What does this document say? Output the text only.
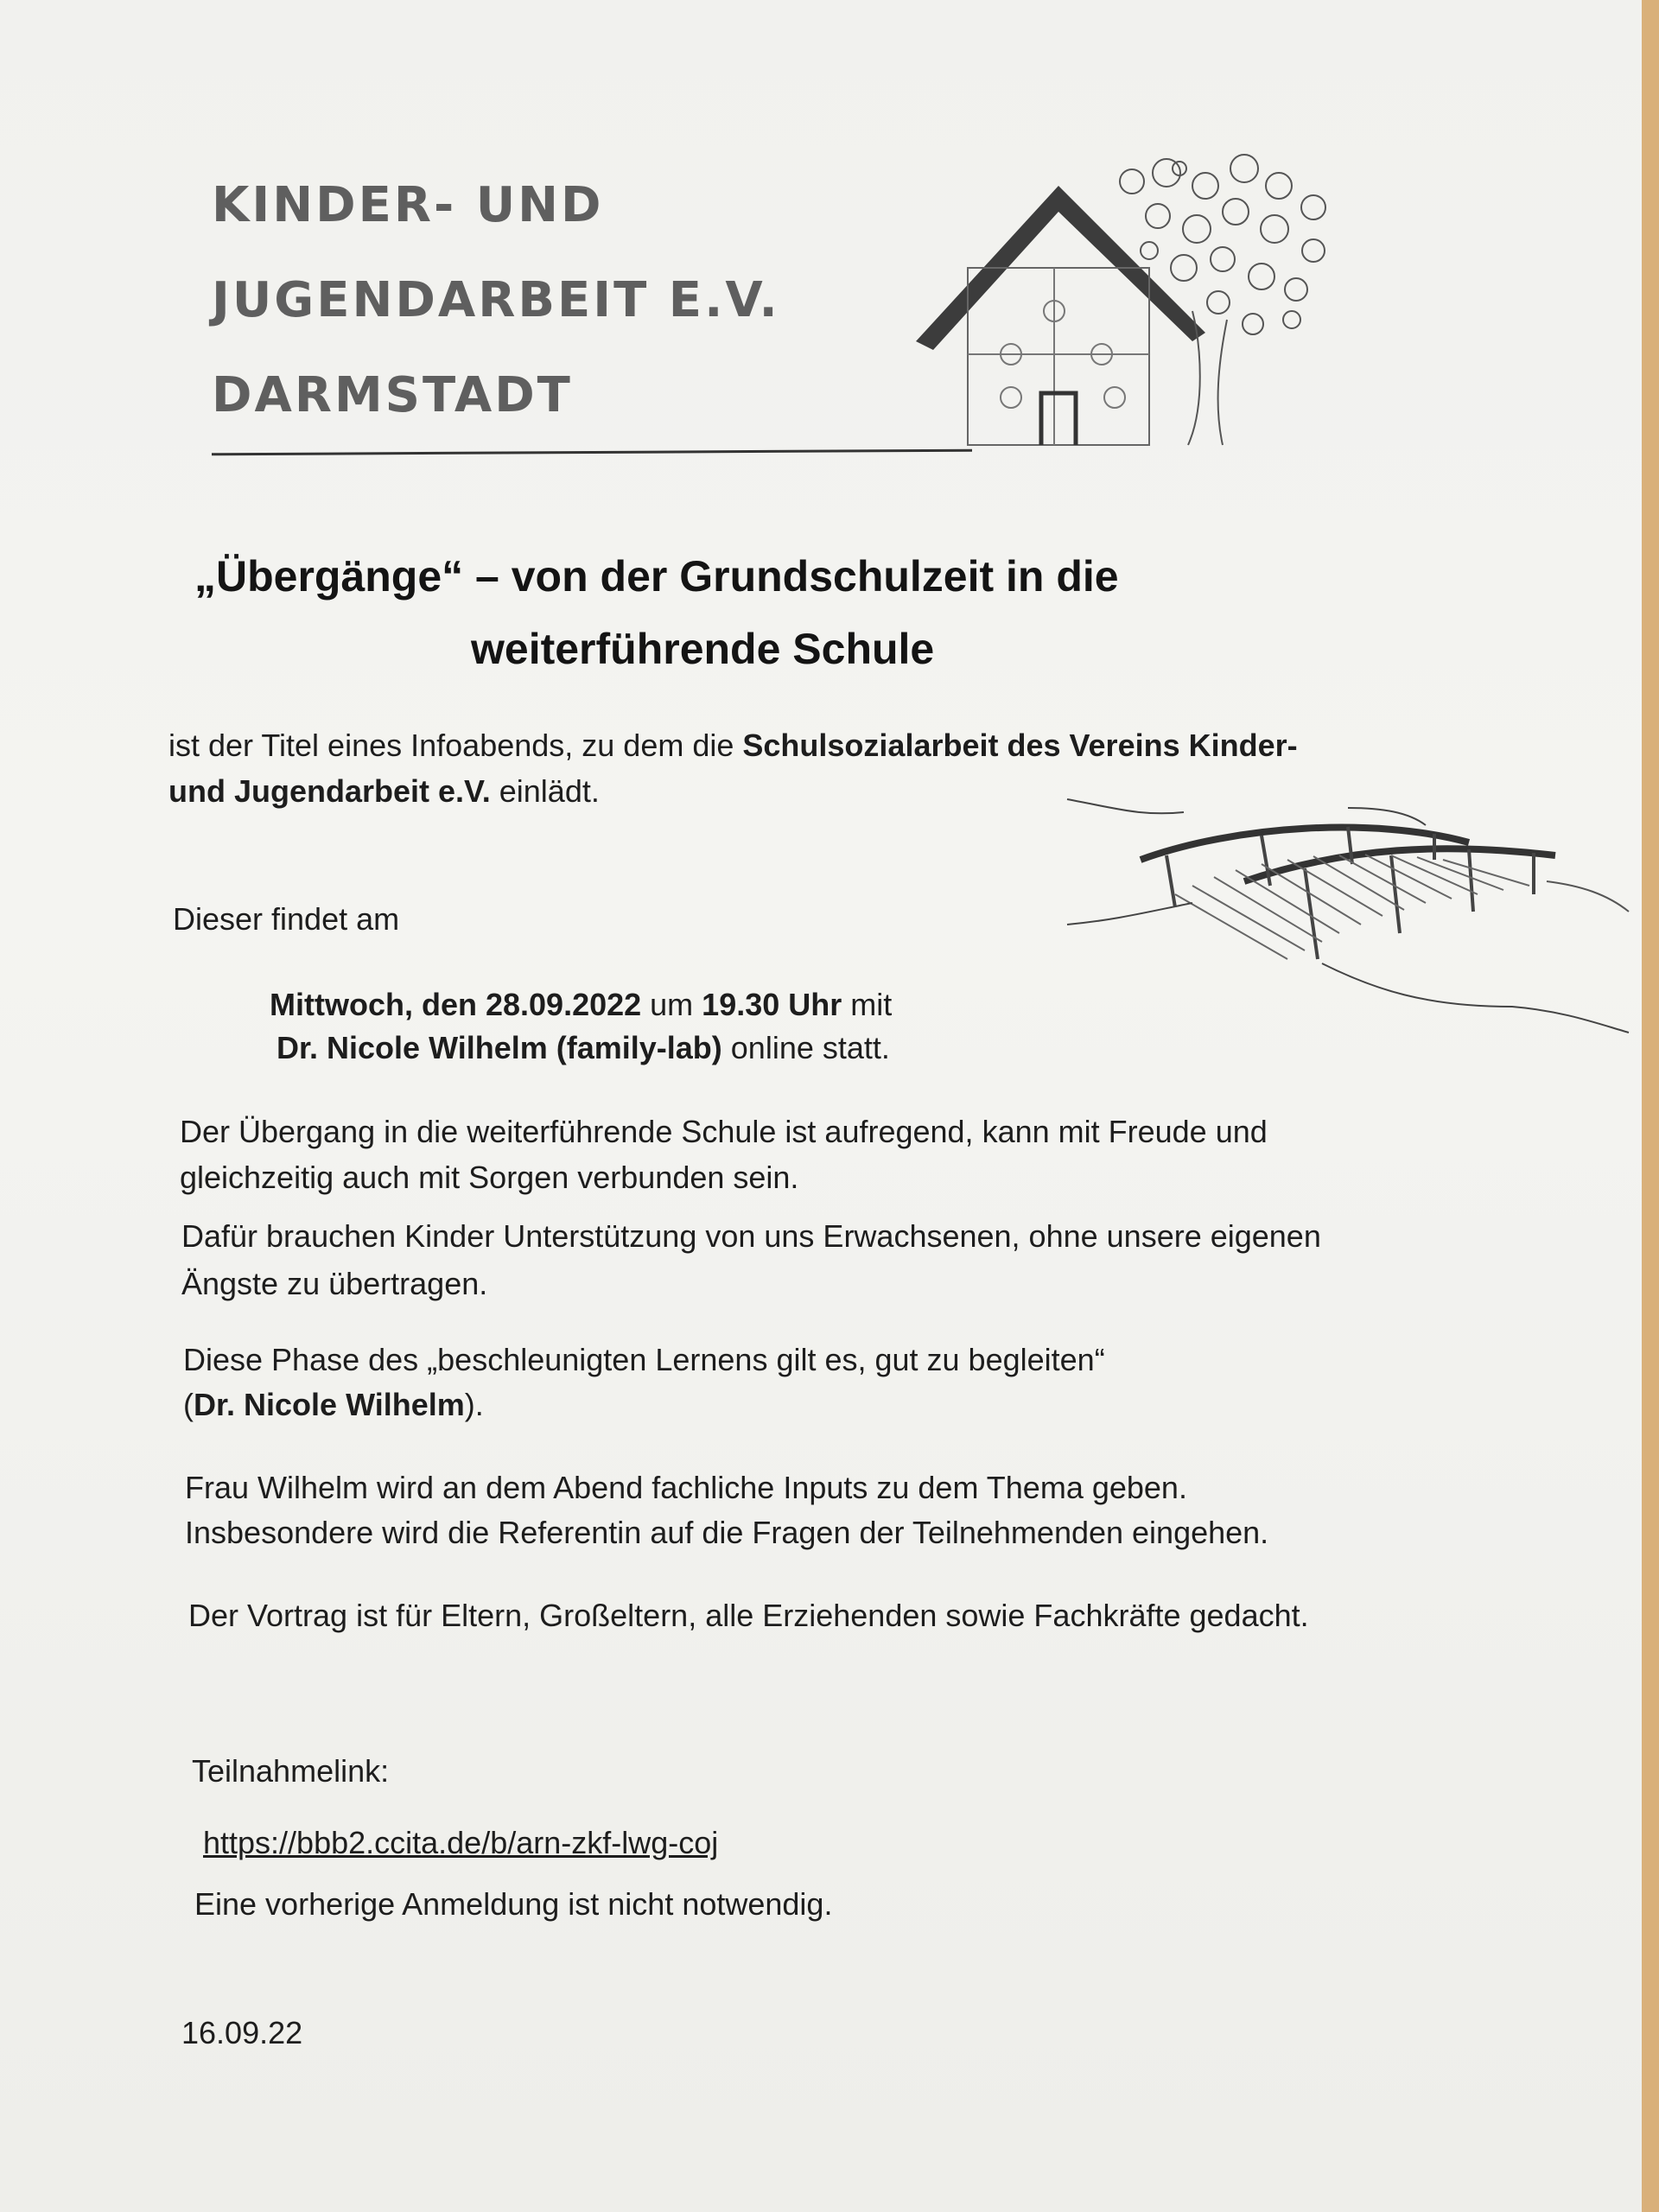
KINDER- UND
JUGENDARBEIT E.V.
DARMSTADT
„Übergänge“ – von der Grundschulzeit in die
weiterführende Schule
ist der Titel eines Infoabends, zu dem die Schulsozialarbeit des Vereins Kinder-
und Jugendarbeit e.V. einlädt.
Dieser findet am
Mittwoch, den 28.09.2022 um 19.30 Uhr mit
Dr. Nicole Wilhelm (family-lab) online statt.
Der Übergang in die weiterführende Schule ist aufregend, kann mit Freude und
gleichzeitig auch mit Sorgen verbunden sein.
Dafür brauchen Kinder Unterstützung von uns Erwachsenen, ohne unsere eigenen
Ängste zu übertragen.
Diese Phase des „beschleunigten Lernens gilt es, gut zu begleiten“
(Dr. Nicole Wilhelm).
Frau Wilhelm wird an dem Abend fachliche Inputs zu dem Thema geben.
Insbesondere wird die Referentin auf die Fragen der Teilnehmenden eingehen.
Der Vortrag ist für Eltern, Großeltern, alle Erziehenden sowie Fachkräfte gedacht.
Teilnahmelink:
https://bbb2.ccita.de/b/arn-zkf-lwg-coj
Eine vorherige Anmeldung ist nicht notwendig.
16.09.22
